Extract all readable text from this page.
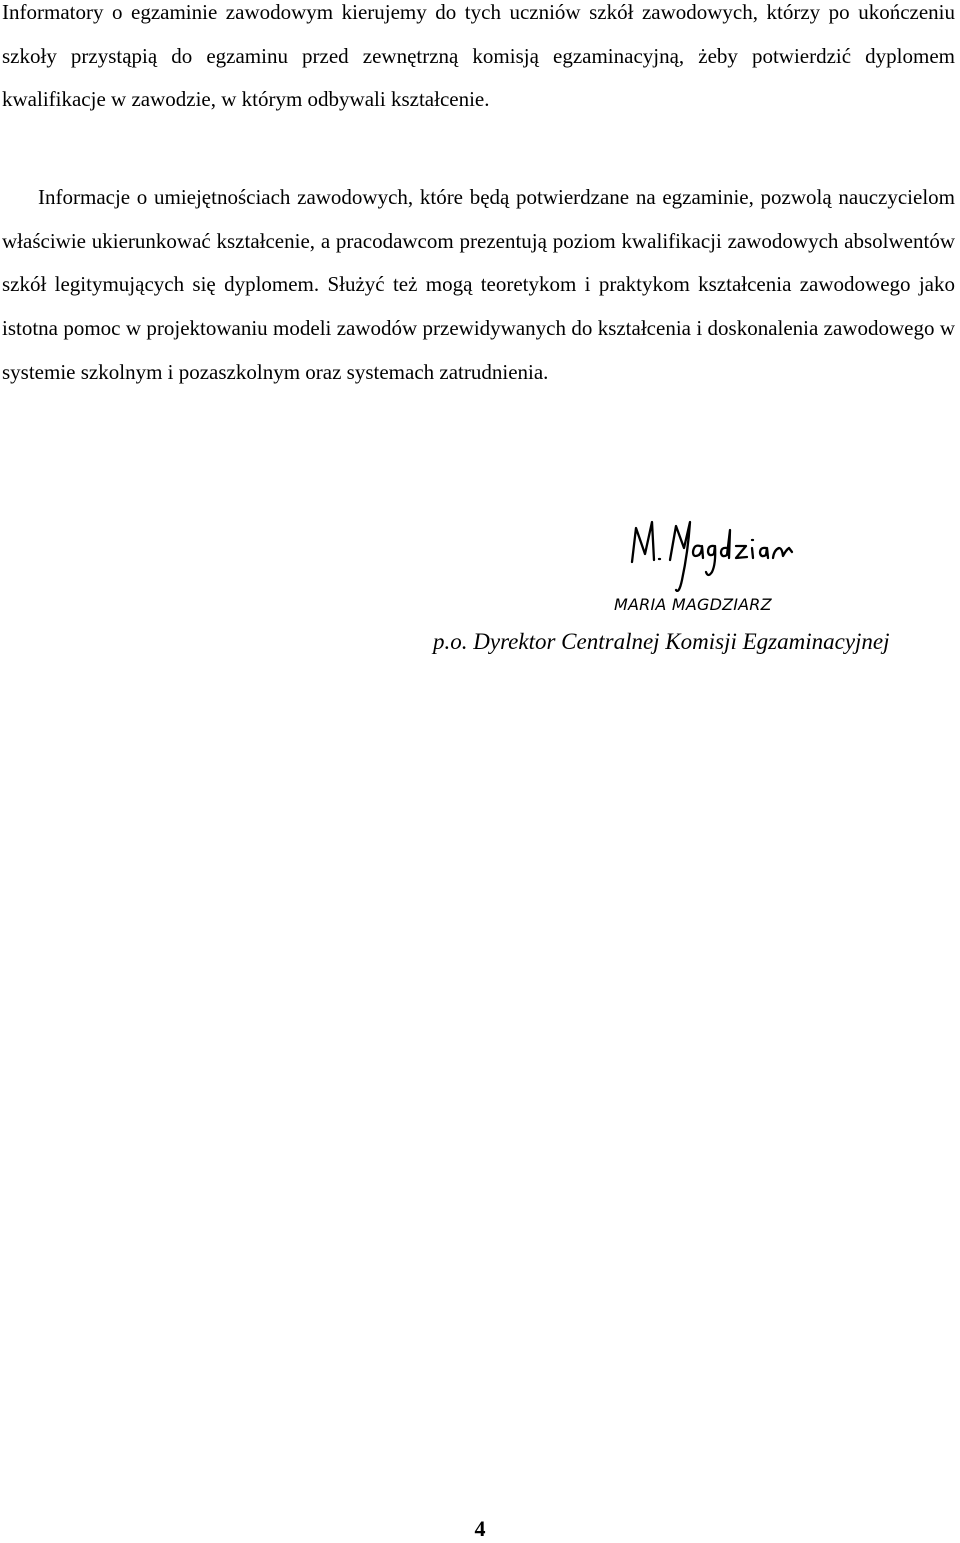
Informatory o egzaminie zawodowym kierujemy do tych uczniów szkół zawodowych, którzy po ukończeniu szkoły przystąpią do egzaminu przed zewnętrzną komisją egzaminacyjną, żeby potwierdzić dyplomem kwalifikacje w zawodzie, w którym odbywali kształcenie.

Informacje o umiejętnościach zawodowych, które będą potwierdzane na egzaminie, pozwolą nauczycielom właściwie ukierunkować kształcenie, a pracodawcom prezentują poziom kwalifikacji zawodowych absolwentów szkół legitymujących się dyplomem. Służyć też mogą teoretykom i praktykom kształcenia zawodowego jako istotna pomoc w projektowaniu modeli zawodów przewidywanych do kształcenia i doskonalenia zawodowego w systemie szkolnym i pozaszkolnym oraz systemach zatrudnienia.

MARIA MAGDZIARZ
p.o. Dyrektor Centralnej Komisji Egzaminacyjnej
4
